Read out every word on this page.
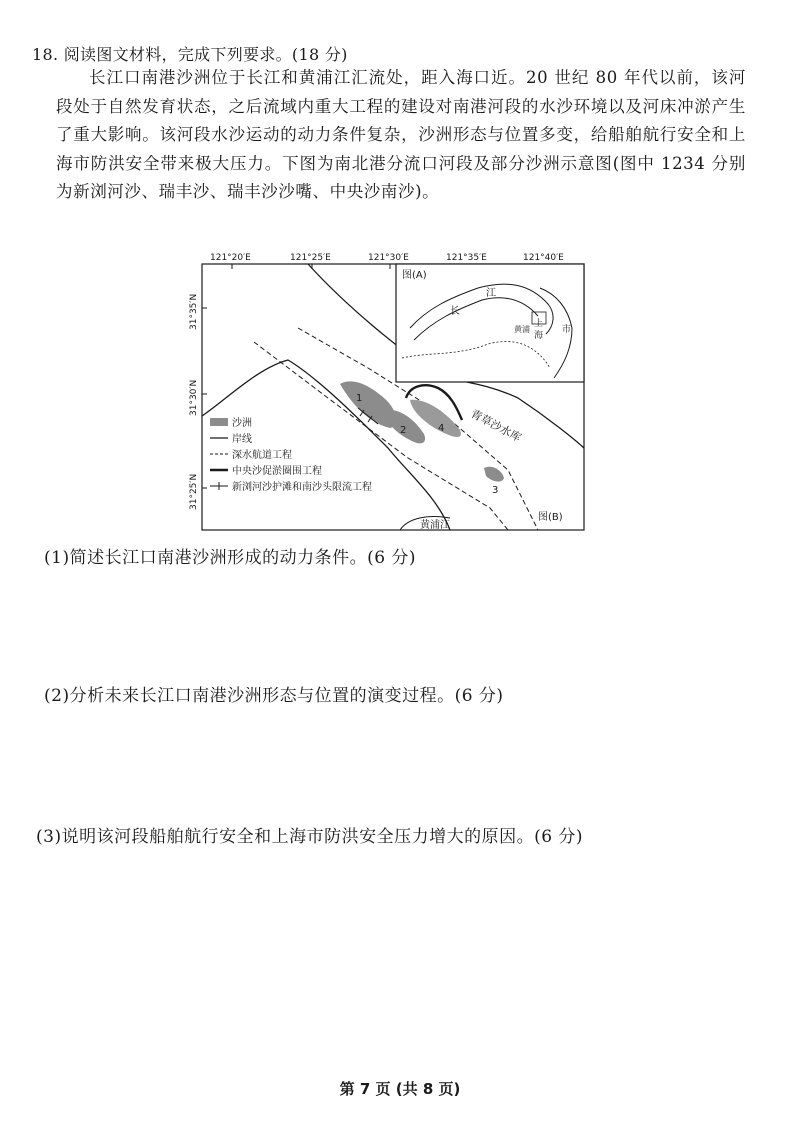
18. 阅读图文材料，完成下列要求。(18 分)
长江口南港沙洲位于长江和黄浦江汇流处，距入海口近。20 世纪 80 年代以前，该河段处于自然发育状态，之后流域内重大工程的建设对南港河段的水沙环境以及河床冲淤产生了重大影响。该河段水沙运动的动力条件复杂，沙洲形态与位置多变，给船舶航行安全和上海市防洪安全带来极大压力。下图为南北港分流口河段及部分沙洲示意图(图中 1234 分别为新浏河沙、瑞丰沙、瑞丰沙沙嘴、中央沙南沙)。
121°20′E	121°25′E	121°30′E	121°35′E	121°40′E
31°35′N
31°30′N
31°25′N
1
2
3
4 青草沙水库
黄浦江
图(B)
图(A)
长
江
黄浦
上
海
市
沙洲
岸线
深水航道工程
中央沙促淤圈围工程
新浏河沙护滩和南沙头限流工程
(1)简述长江口南港沙洲形成的动力条件。(6 分)
(2)分析未来长江口南港沙洲形态与位置的演变过程。(6 分)
(3)说明该河段船舶航行安全和上海市防洪安全压力增大的原因。(6 分)
第 7 页 (共 8 页)
